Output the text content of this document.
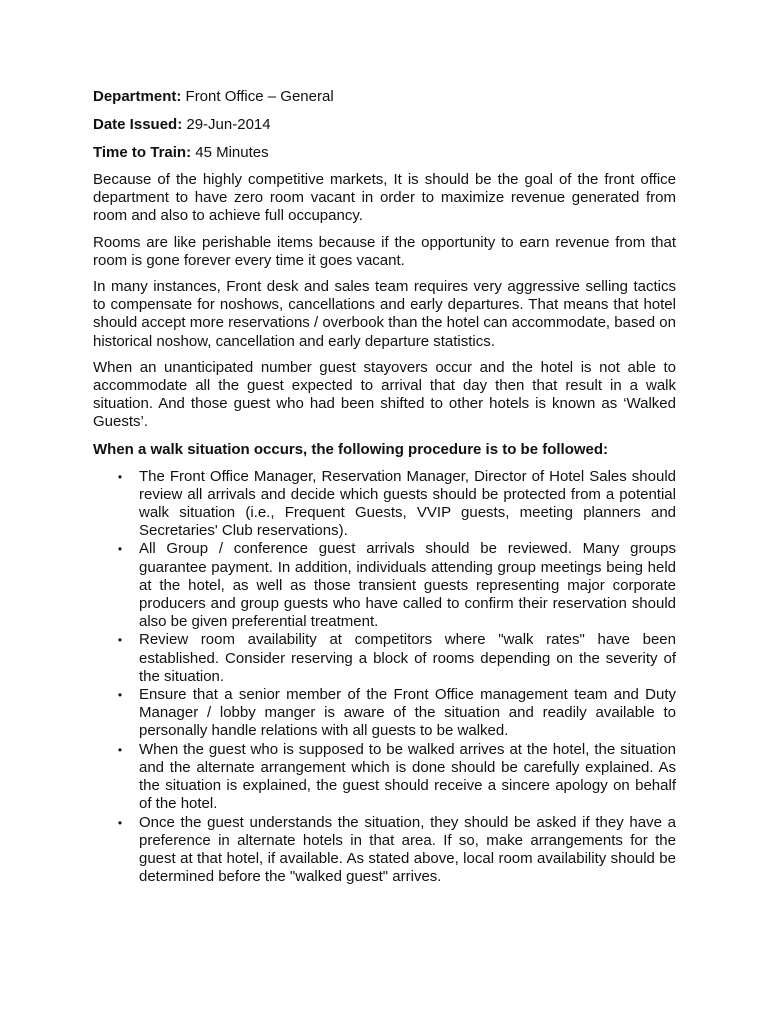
Department: Front Office – General

Date Issued: 29-Jun-2014

Time to Train: 45 Minutes

Because of the highly competitive markets, It is should be the goal of the front office department to have zero room vacant in order to maximize revenue generated from room and also to achieve full occupancy.

Rooms are like perishable items because if the opportunity to earn revenue from that room is gone forever every time it goes vacant.

In many instances, Front desk and sales team requires very aggressive selling tactics to compensate for noshows, cancellations and early departures. That means that hotel should accept more reservations / overbook than the hotel can accommodate, based on historical noshow, cancellation and early departure statistics.

When an unanticipated number guest stayovers occur and the hotel is not able to accommodate all the guest expected to arrival that day then that result in a walk situation. And those guest who had been shifted to other hotels is known as ‘Walked Guests’.

When a walk situation occurs, the following procedure is to be followed:

• The Front Office Manager, Reservation Manager, Director of Hotel Sales should review all arrivals and decide which guests should be protected from a potential walk situation (i.e., Frequent Guests, VVIP guests, meeting planners and Secretaries' Club reservations).
• All Group / conference guest arrivals should be reviewed. Many groups guarantee payment. In addition, individuals attending group meetings being held at the hotel, as well as those transient guests representing major corporate producers and group guests who have called to confirm their reservation should also be given preferential treatment.
• Review room availability at competitors where "walk rates" have been established. Consider reserving a block of rooms depending on the severity of the situation.
• Ensure that a senior member of the Front Office management team and Duty Manager / lobby manger is aware of the situation and readily available to personally handle relations with all guests to be walked.
• When the guest who is supposed to be walked arrives at the hotel, the situation and the alternate arrangement which is done should be carefully explained. As the situation is explained, the guest should receive a sincere apology on behalf of the hotel.
• Once the guest understands the situation, they should be asked if they have a preference in alternate hotels in that area. If so, make arrangements for the guest at that hotel, if available. As stated above, local room availability should be determined before the "walked guest" arrives.
